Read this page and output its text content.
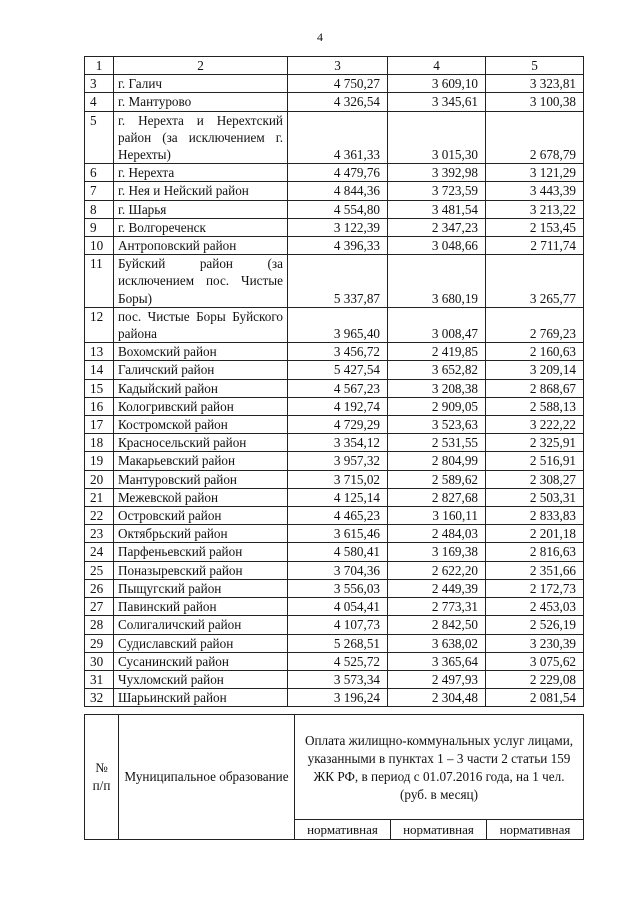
4
1	2	3	4	5
3	г. Галич	4 750,27	3 609,10	3 323,81
4	г. Мантурово	4 326,54	3 345,61	3 100,38
5	г. Нерехта и Нерехтский район (за исключением г. Нерехты)	4 361,33	3 015,30	2 678,79
6	г. Нерехта	4 479,76	3 392,98	3 121,29
7	г. Нея и Нейский район	4 844,36	3 723,59	3 443,39
8	г. Шарья	4 554,80	3 481,54	3 213,22
9	г. Волгореченск	3 122,39	2 347,23	2 153,45
10	Антроповский район	4 396,33	3 048,66	2 711,74
11	Буйский район (за исключением пос. Чистые Боры)	5 337,87	3 680,19	3 265,77
12	пос. Чистые Боры Буйского района	3 965,40	3 008,47	2 769,23
13	Вохомский район	3 456,72	2 419,85	2 160,63
14	Галичский район	5 427,54	3 652,82	3 209,14
15	Кадыйский район	4 567,23	3 208,38	2 868,67
16	Кологривский район	4 192,74	2 909,05	2 588,13
17	Костромской район	4 729,29	3 523,63	3 222,22
18	Красносельский район	3 354,12	2 531,55	2 325,91
19	Макарьевский район	3 957,32	2 804,99	2 516,91
20	Мантуровский район	3 715,02	2 589,62	2 308,27
21	Межевской район	4 125,14	2 827,68	2 503,31
22	Островский район	4 465,23	3 160,11	2 833,83
23	Октябрьский район	3 615,46	2 484,03	2 201,18
24	Парфеньевский район	4 580,41	3 169,38	2 816,63
25	Поназыревский район	3 704,36	2 622,20	2 351,66
26	Пыщугский район	3 556,03	2 449,39	2 172,73
27	Павинский район	4 054,41	2 773,31	2 453,03
28	Солигаличский район	4 107,73	2 842,50	2 526,19
29	Судиславский район	5 268,51	3 638,02	3 230,39
30	Сусанинский район	4 525,72	3 365,64	3 075,62
31	Чухломский район	3 573,34	2 497,93	2 229,08
32	Шарьинский район	3 196,24	2 304,48	2 081,54
№ п/п	Муниципальное образование	Оплата жилищно-коммунальных услуг лицами, указанными в пунктах 1 – 3 части 2 статьи 159 ЖК РФ, в период с 01.07.2016 года, на 1 чел. (руб. в месяц)		
		нормативная	нормативная	нормативная
